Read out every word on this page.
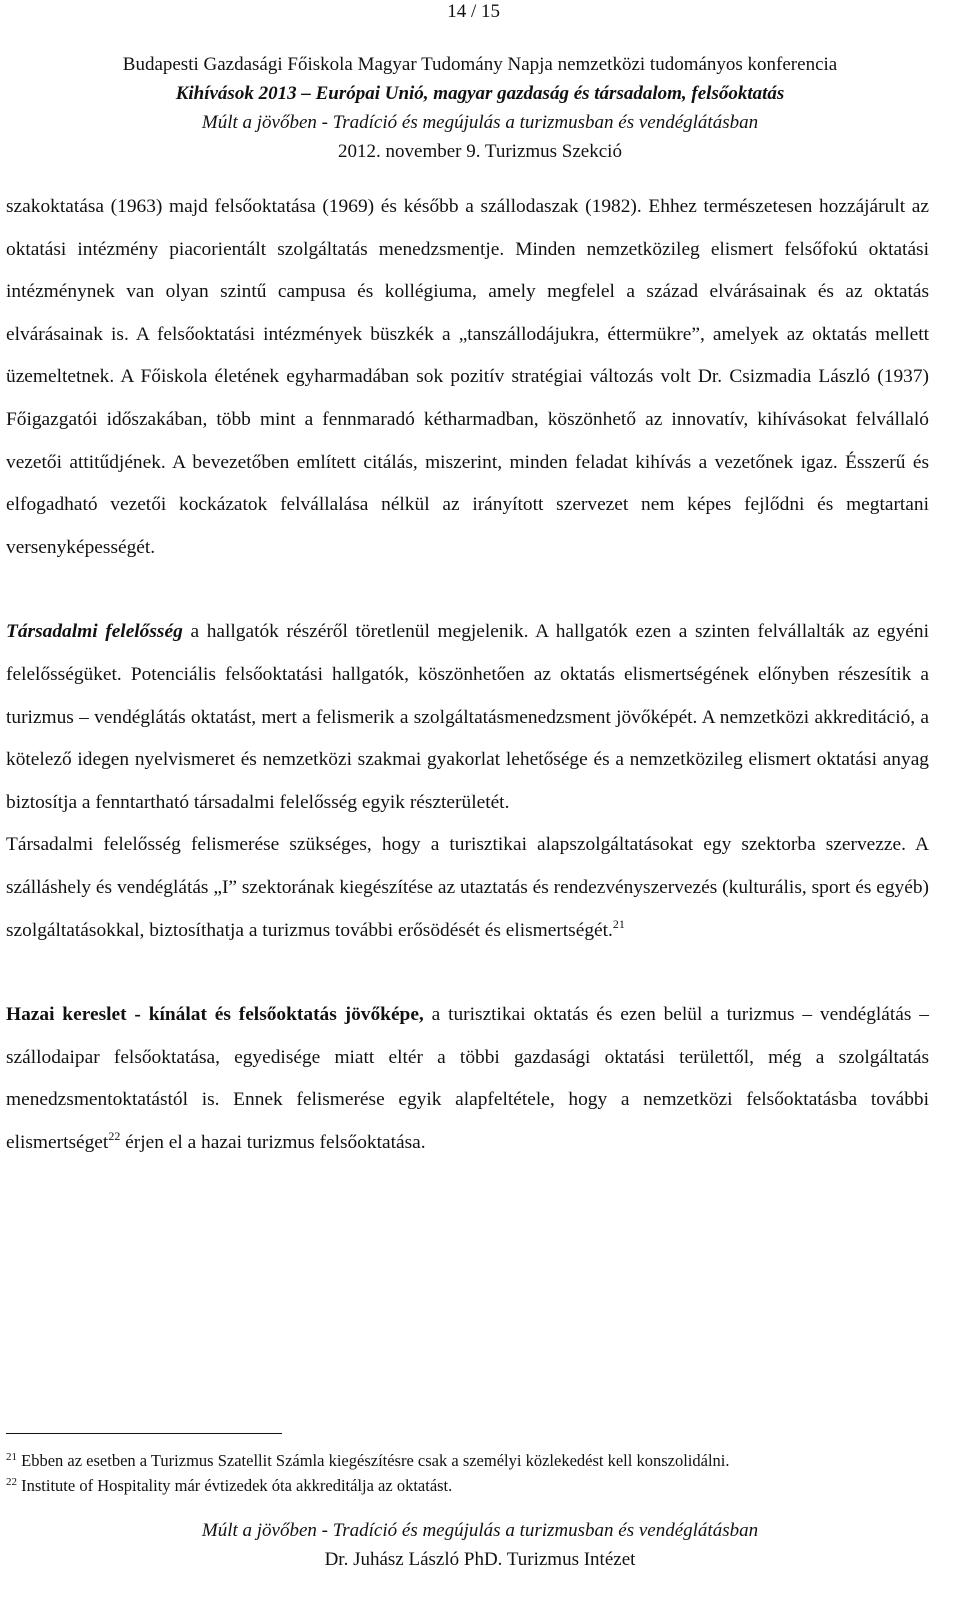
14 / 15
Budapesti Gazdasági Főiskola Magyar Tudomány Napja nemzetközi tudományos konferencia
Kihívások 2013 – Európai Unió, magyar gazdaság és társadalom, felsőoktatás
Múlt a jövőben - Tradíció és megújulás a turizmusban és vendéglátásban
2012. november 9. Turizmus Szekció

szakoktatása (1963) majd felsőoktatása (1969) és később a szállodaszak (1982). Ehhez természetesen hozzájárult az oktatási intézmény piacorientált szolgáltatás menedzsmentje. Minden nemzetközileg elismert felsőfokú oktatási intézménynek van olyan szintű campusa és kollégiuma, amely megfelel a század elvárásainak és az oktatás elvárásainak is. A felsőoktatási intézmények büszkék a „tanszállodájukra, éttermükre”, amelyek az oktatás mellett üzemeltetnek. A Főiskola életének egyharmadában sok pozitív stratégiai változás volt Dr. Csizmadia László (1937) Főigazgatói időszakában, több mint a fennmaradó kétharmadban, köszönhető az innovatív, kihívásokat felvállaló vezetői attitűdjének. A bevezetőben említett citálás, miszerint, minden feladat kihívás a vezetőnek igaz. Ésszerű és elfogadható vezetői kockázatok felvállalása nélkül az irányított szervezet nem képes fejlődni és megtartani versenyképességét.

Társadalmi felelősség a hallgatók részéről töretlenül megjelenik. A hallgatók ezen a szinten felvállalták az egyéni felelősségüket. Potenciális felsőoktatási hallgatók, köszönhetően az oktatás elismertségének előnyben részesítik a turizmus – vendéglátás oktatást, mert a felismerik a szolgáltatásmenedzsment jövőképét. A nemzetközi akkreditáció, a kötelező idegen nyelvismeret és nemzetközi szakmai gyakorlat lehetősége és a nemzetközileg elismert oktatási anyag biztosítja a fenntartható társadalmi felelősség egyik részterületét.

Társadalmi felelősség felismerése szükséges, hogy a turisztikai alapszolgáltatásokat egy szektorba szervezze. A szálláshely és vendéglátás „I” szektorának kiegészítése az utaztatás és rendezvényszervezés (kulturális, sport és egyéb) szolgáltatásokkal, biztosíthatja a turizmus további erősödését és elismertségét.$^{21}$

Hazai kereslet - kínálat és felsőoktatás jövőképe, a turisztikai oktatás és ezen belül a turizmus – vendéglátás – szállodaipar felsőoktatása, egyedisége miatt eltér a többi gazdasági oktatási területtől, még a szolgáltatás menedzsmentoktatástól is. Ennek felismerése egyik alapfeltétele, hogy a nemzetközi felsőoktatásba további elismertséget$^{22}$ érjen el a hazai turizmus felsőoktatása.

$^{21}$ Ebben az esetben a Turizmus Szatellit Számla kiegészítésre csak a személyi közlekedést kell konszolidálni.
$^{22}$ Institute of Hospitality már évtizedek óta akkreditálja az oktatást.
Múlt a jövőben - Tradíció és megújulás a turizmusban és vendéglátásban
Dr. Juhász László PhD. Turizmus Intézet
